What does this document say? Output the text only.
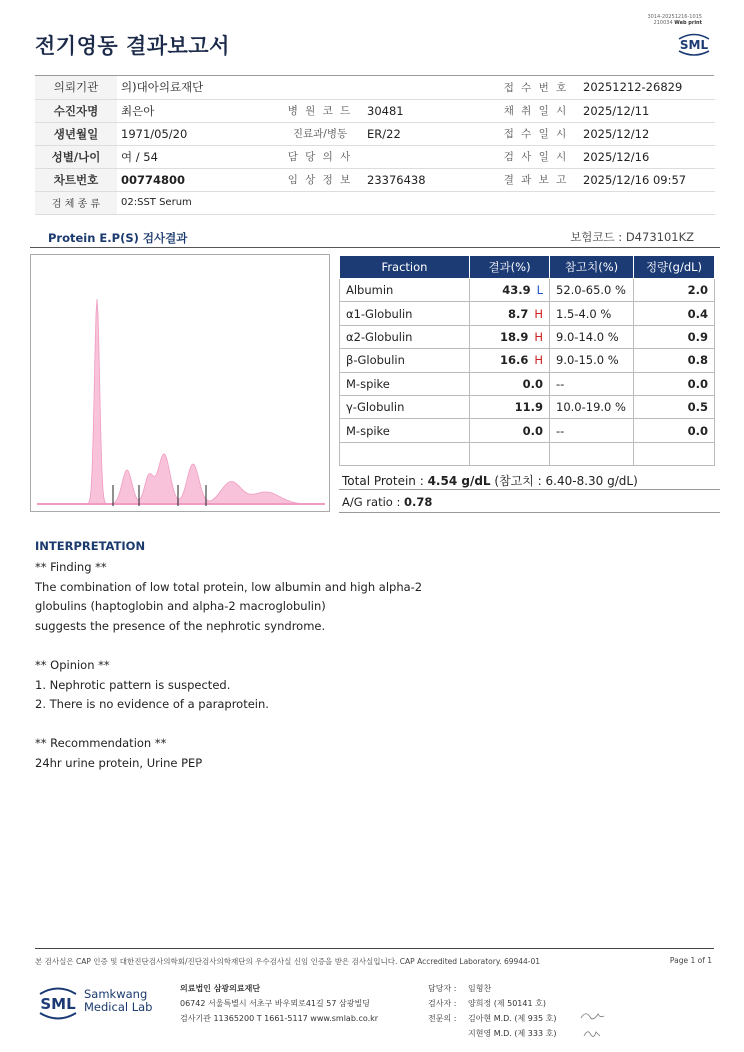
전기영동 결과보고서
3014-20251216-1015
210034 Web print
SML
의뢰기관	의)대아의료재단			접 수 번 호	20251212-26829
수진자명	최은아	병 원 코 드	30481	채 취 일 시	2025/12/11
생년월일	1971/05/20	진료과/병동	ER/22	접 수 일 시	2025/12/12
성별/나이	여 / 54	담 당 의 사		검 사 일 시	2025/12/16
차트번호	00774800	임 상 정 보	23376438	결 과 보 고	2025/12/16 09:57
검 체 종 류	02:SST Serum				
Protein E.P(S) 검사결과	보험코드 : D473101KZ
Fraction	결과(%)	참고치(%)	정량(g/dL)
Albumin	43.9 L	52.0-65.0 %	2.0
α1-Globulin	8.7 H	1.5-4.0 %	0.4
α2-Globulin	18.9 H	9.0-14.0 %	0.9
β-Globulin	16.6 H	9.0-15.0 %	0.8
M-spike	0.0	--	0.0
γ-Globulin	11.9	10.0-19.0 %	0.5
M-spike	0.0	--	0.0

Total Protein : 4.54 g/dL (참고치 : 6.40-8.30 g/dL)
A/G ratio : 0.78
INTERPRETATION
** Finding **
The combination of low total protein, low albumin and high alpha-2
globulins (haptoglobin and alpha-2 macroglobulin)
suggests the presence of the nephrotic syndrome.
** Opinion **
1. Nephrotic pattern is suspected.
2. There is no evidence of a paraprotein.
** Recommendation **
24hr urine protein, Urine PEP
본 검사실은 CAP 인증 및 대한진단검사의학회/진단검사의학재단의 우수검사실 신임 인증을 받은 검사실입니다. CAP Accredited Laboratory. 69944-01	Page 1 of 1
SML
Samkwang
Medical Lab
의료법인 삼광의료재단
06742 서울특별시 서초구 바우뫼로41길 57 삼광빌딩
검사기관 11365200 T 1661-5117 www.smlab.co.kr
담당자 : 임형찬
검사자 : 양희정 (제 50141 호)
전문의 : 김아현 M.D. (제 935 호)
지현영 M.D. (제 333 호)
